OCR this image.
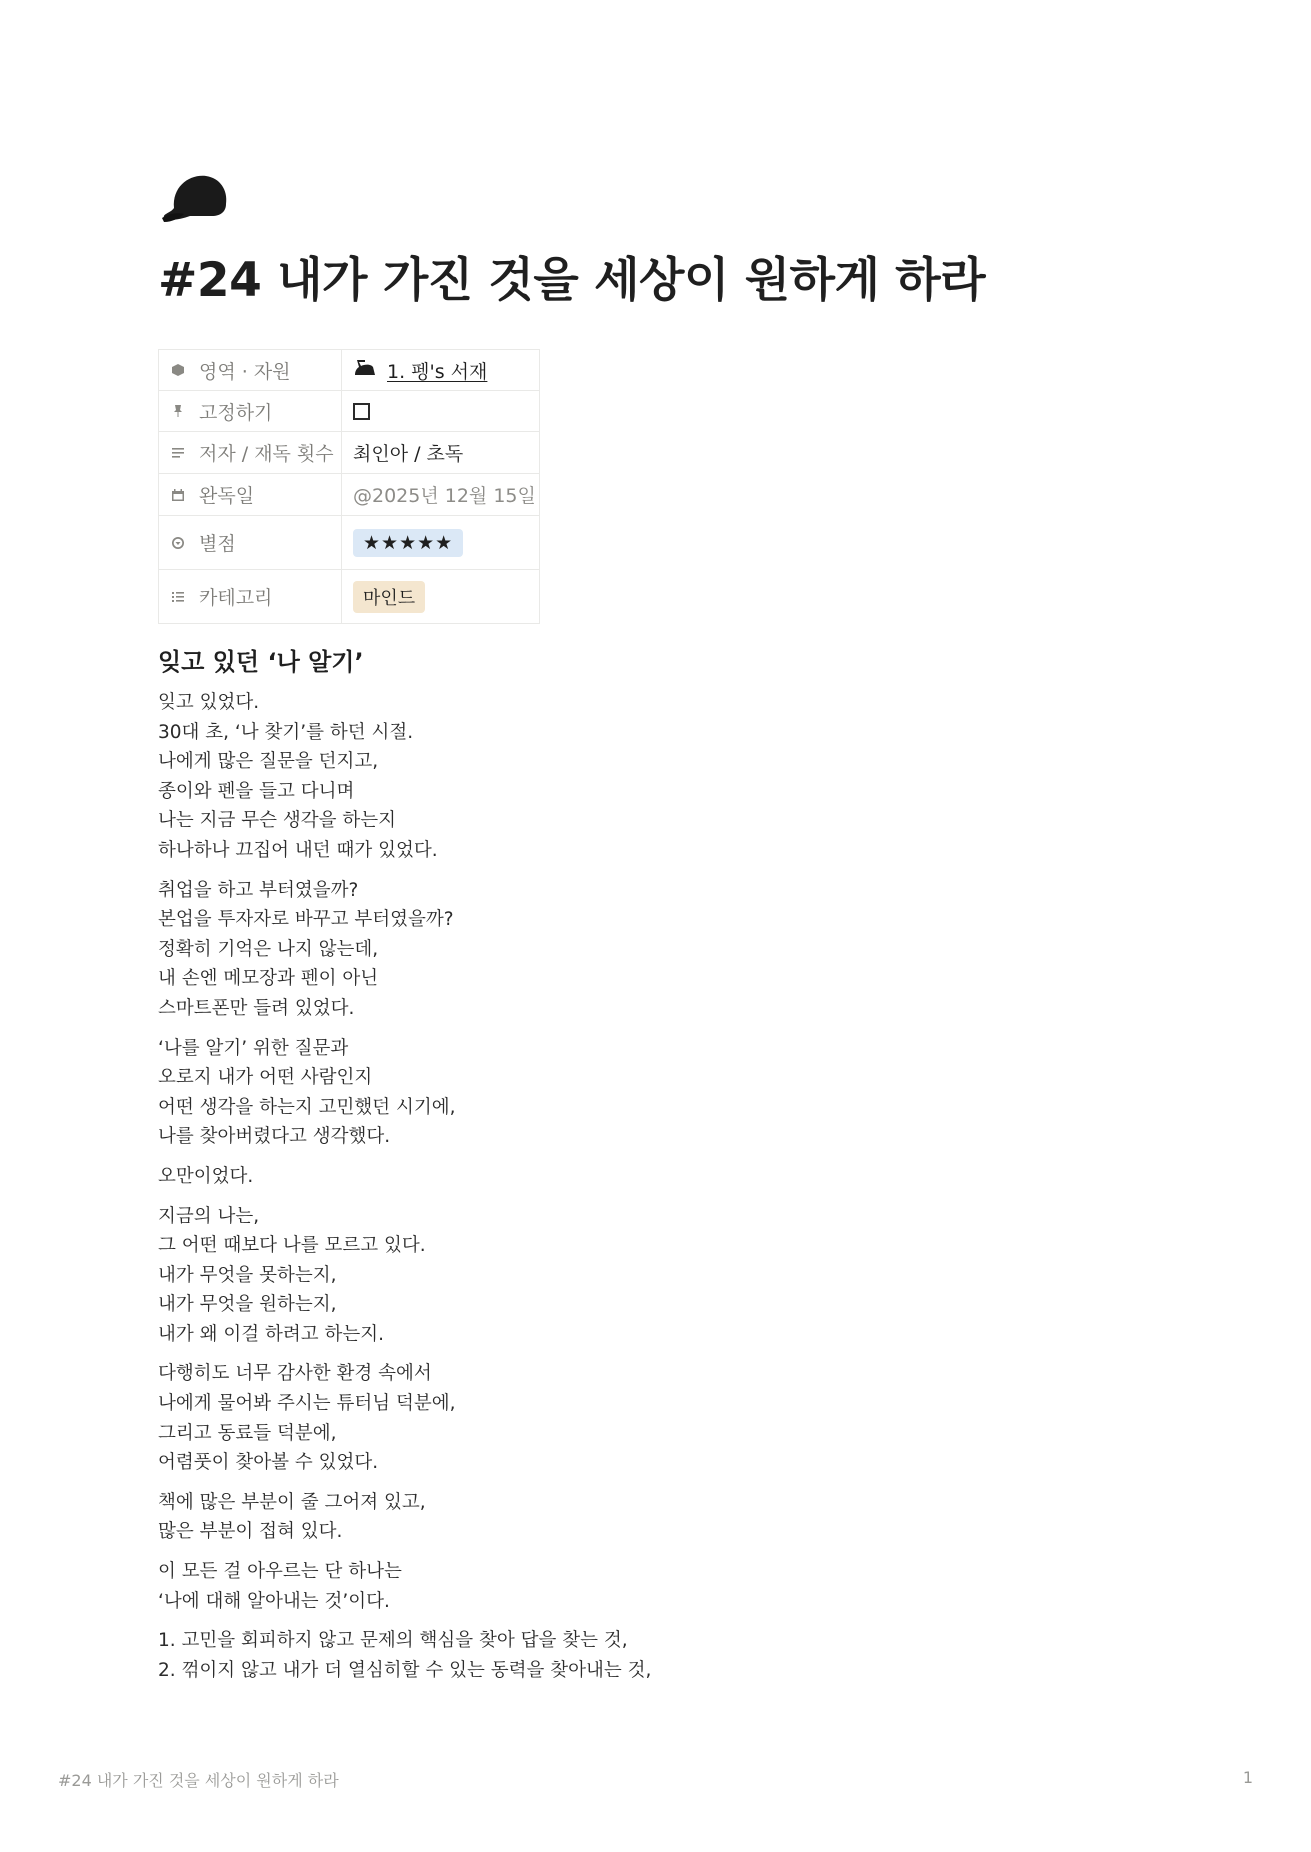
#24 내가 가진 것을 세상이 원하게 하라
영역 · 자원	1. 펭's 서재
고정하기
저자 / 재독 횟수	최인아 / 초독
완독일	@2025년 12월 15일
별점	★★★★★
카테고리	마인드
잊고 있던 ‘나 알기’
잊고 있었다.
30대 초, ‘나 찾기’를 하던 시절.
나에게 많은 질문을 던지고,
종이와 펜을 들고 다니며
나는 지금 무슨 생각을 하는지
하나하나 끄집어 내던 때가 있었다.
취업을 하고 부터였을까?
본업을 투자자로 바꾸고 부터였을까?
정확히 기억은 나지 않는데,
내 손엔 메모장과 펜이 아닌
스마트폰만 들려 있었다.
‘나를 알기’ 위한 질문과
오로지 내가 어떤 사람인지
어떤 생각을 하는지 고민했던 시기에,
나를 찾아버렸다고 생각했다.
오만이었다.
지금의 나는,
그 어떤 때보다 나를 모르고 있다.
내가 무엇을 못하는지,
내가 무엇을 원하는지,
내가 왜 이걸 하려고 하는지.
다행히도 너무 감사한 환경 속에서
나에게 물어봐 주시는 튜터님 덕분에,
그리고 동료들 덕분에,
어렴풋이 찾아볼 수 있었다.
책에 많은 부분이 줄 그어져 있고,
많은 부분이 접혀 있다.
이 모든 걸 아우르는 단 하나는
‘나에 대해 알아내는 것’이다.
1. 고민을 회피하지 않고 문제의 핵심을 찾아 답을 찾는 것,
2. 꺾이지 않고 내가 더 열심히할 수 있는 동력을 찾아내는 것,
#24 내가 가진 것을 세상이 원하게 하라	1
